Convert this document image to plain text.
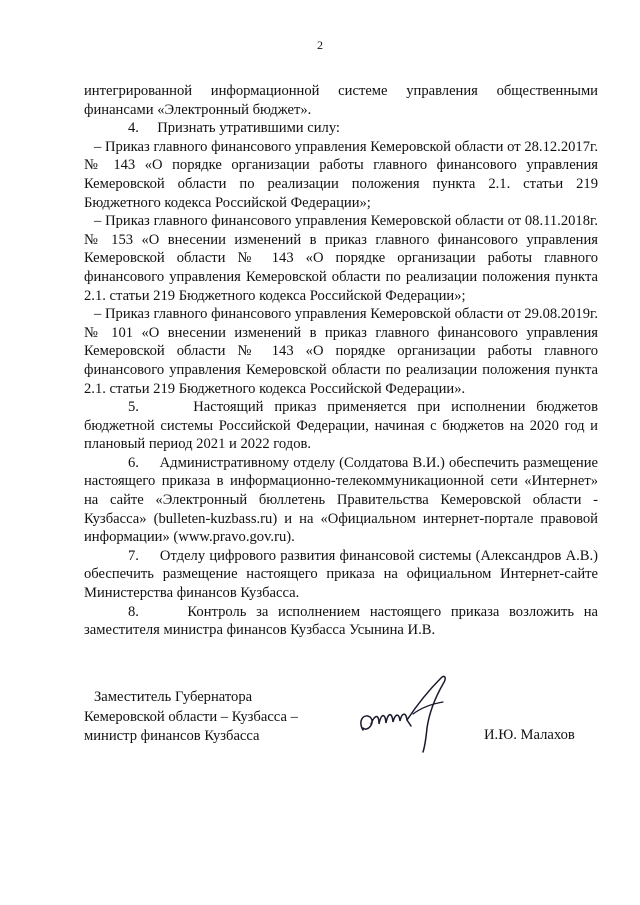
2

интегрированной информационной системе управления общественными финансами «Электронный бюджет».

4.     Признать утратившими силу:

– Приказ главного финансового управления Кемеровской области от 28.12.2017г. № 143 «О порядке организации работы главного финансового управления Кемеровской области по реализации положения пункта 2.1. статьи 219 Бюджетного кодекса Российской Федерации»;

– Приказ главного финансового управления Кемеровской области от 08.11.2018г. № 153 «О внесении изменений в приказ главного финансового управления Кемеровской области № 143 «О порядке организации работы главного финансового управления Кемеровской области по реализации положения пункта 2.1. статьи 219 Бюджетного кодекса Российской Федерации»;

– Приказ главного финансового управления Кемеровской области от 29.08.2019г. № 101 «О внесении изменений в приказ главного финансового управления Кемеровской области № 143 «О порядке организации работы главного финансового управления Кемеровской области по реализации положения пункта 2.1. статьи 219 Бюджетного кодекса Российской Федерации».

5.     Настоящий приказ применяется при исполнении бюджетов бюджетной системы Российской Федерации, начиная с бюджетов на 2020 год и плановый период 2021 и 2022 годов.

6.     Административному отделу (Солдатова В.И.) обеспечить размещение настоящего приказа в информационно-телекоммуникационной сети «Интернет» на сайте «Электронный бюллетень Правительства Кемеровской области - Кузбасса» (bulleten-kuzbass.ru) и на «Официальном интернет-портале правовой информации» (www.pravo.gov.ru).

7.     Отделу цифрового развития финансовой системы (Александров А.В.) обеспечить размещение настоящего приказа на официальном Интернет-сайте Министерства финансов Кузбасса.

8.     Контроль за исполнением настоящего приказа возложить на заместителя министра финансов Кузбасса Усынина И.В.

Заместитель Губернатора
Кемеровской области – Кузбасса –
министр финансов Кузбасса	И.Ю. Малахов
